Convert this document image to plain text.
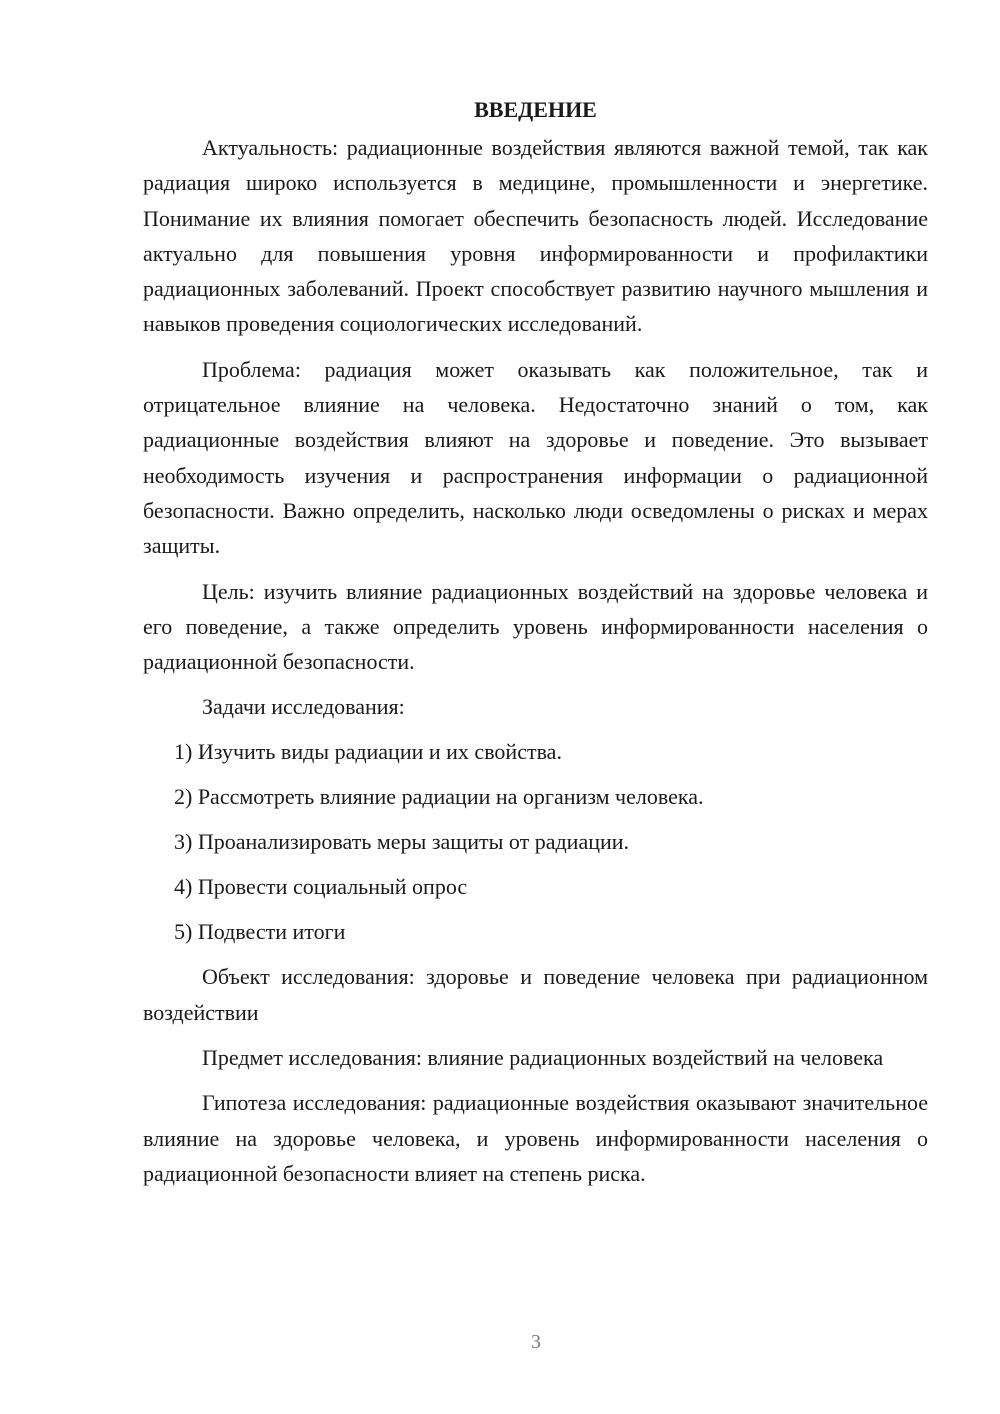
ВВЕДЕНИЕ

Актуальность: радиационные воздействия являются важной темой, так как радиация широко используется в медицине, промышленности и энергетике. Понимание их влияния помогает обеспечить безопасность людей. Исследование актуально для повышения уровня информированности и профилактики радиационных заболеваний. Проект способствует развитию научного мышления и навыков проведения социологических исследований.

Проблема: радиация может оказывать как положительное, так и отрицательное влияние на человека. Недостаточно знаний о том, как радиационные воздействия влияют на здоровье и поведение. Это вызывает необходимость изучения и распространения информации о радиационной безопасности. Важно определить, насколько люди осведомлены о рисках и мерах защиты.

Цель: изучить влияние радиационных воздействий на здоровье человека и его поведение, а также определить уровень информированности населения о радиационной безопасности.

Задачи исследования:

1) Изучить виды радиации и их свойства.
2) Рассмотреть влияние радиации на организм человека.
3) Проанализировать меры защиты от радиации.
4) Провести социальный опрос
5) Подвести итоги

Объект исследования: здоровье и поведение человека при радиационном воздействии

Предмет исследования: влияние радиационных воздействий на человека

Гипотеза исследования: радиационные воздействия оказывают значительное влияние на здоровье человека, и уровень информированности населения о радиационной безопасности влияет на степень риска.

3
